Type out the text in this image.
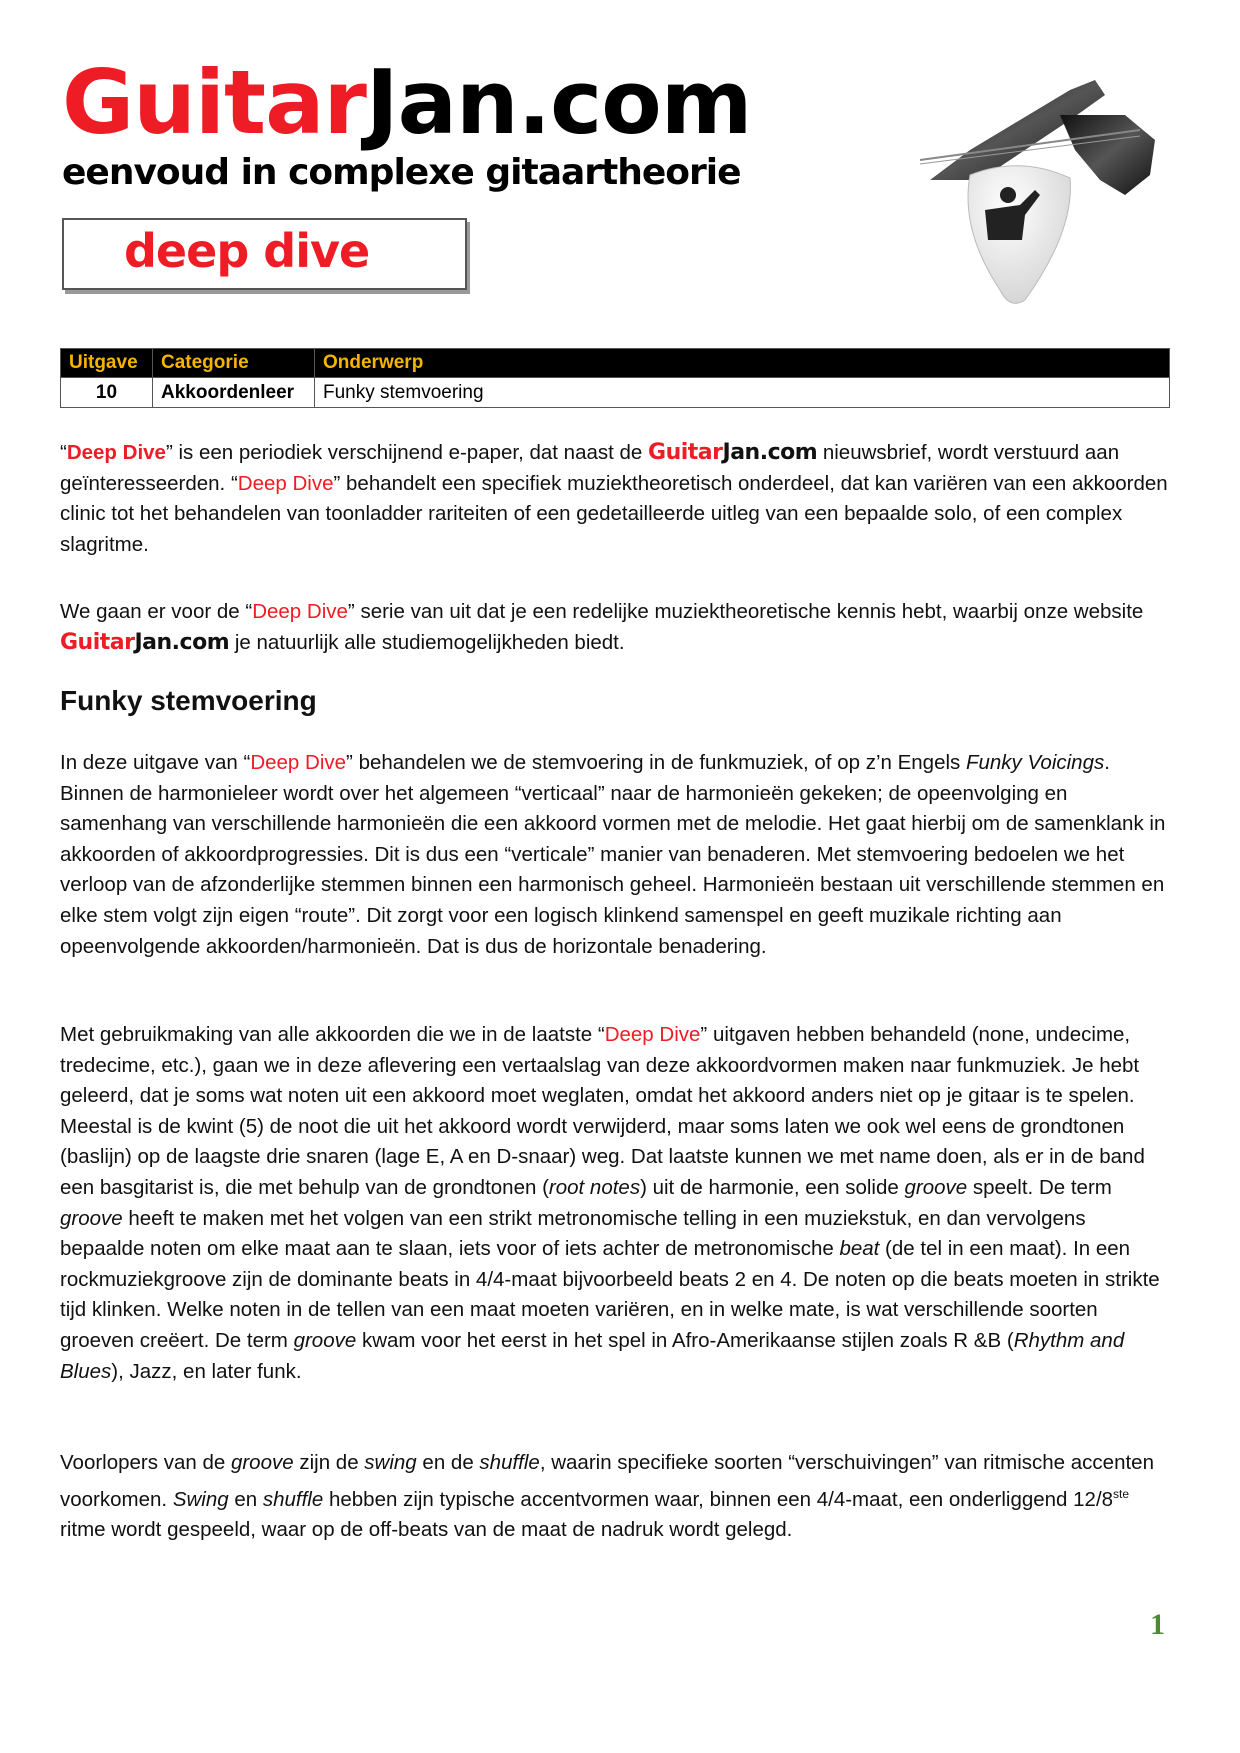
GuitarJan.com
eenvoud in complexe gitaartheorie
deep dive
Uitgave	Categorie	Onderwerp
10	Akkoordenleer	Funky stemvoering
“Deep Dive” is een periodiek verschijnend e-paper, dat naast de GuitarJan.com nieuwsbrief, wordt verstuurd aan geïnteresseerden. “Deep Dive” behandelt een specifiek muziektheoretisch onderdeel, dat kan variëren van een akkoorden clinic tot het behandelen van toonladder rariteiten of een gedetailleerde uitleg van een bepaalde solo, of een complex slagritme.
We gaan er voor de “Deep Dive” serie van uit dat je een redelijke muziektheoretische kennis hebt, waarbij onze website GuitarJan.com je natuurlijk alle studiemogelijkheden biedt.
Funky stemvoering
In deze uitgave van “Deep Dive” behandelen we de stemvoering in de funkmuziek, of op z’n Engels Funky Voicings. Binnen de harmonieleer wordt over het algemeen “verticaal” naar de harmonieën gekeken; de opeenvolging en samenhang van verschillende harmonieën die een akkoord vormen met de melodie. Het gaat hierbij om de samenklank in akkoorden of akkoordprogressies. Dit is dus een “verticale” manier van benaderen. Met stemvoering bedoelen we het verloop van de afzonderlijke stemmen binnen een harmonisch geheel. Harmonieën bestaan uit verschillende stemmen en elke stem volgt zijn eigen “route”. Dit zorgt voor een logisch klinkend samenspel en geeft muzikale richting aan opeenvolgende akkoorden/harmonieën. Dat is dus de horizontale benadering.
Met gebruikmaking van alle akkoorden die we in de laatste “Deep Dive” uitgaven hebben behandeld (none, undecime, tredecime, etc.), gaan we in deze aflevering een vertaalslag van deze akkoordvormen maken naar funkmuziek. Je hebt geleerd, dat je soms wat noten uit een akkoord moet weglaten, omdat het akkoord anders niet op je gitaar is te spelen. Meestal is de kwint (5) de noot die uit het akkoord wordt verwijderd, maar soms laten we ook wel eens de grondtonen (baslijn) op de laagste drie snaren (lage E, A en D-snaar) weg. Dat laatste kunnen we met name doen, als er in de band een basgitarist is, die met behulp van de grondtonen (root notes) uit de harmonie, een solide groove speelt. De term groove heeft te maken met het volgen van een strikt metronomische telling in een muziekstuk, en dan vervolgens bepaalde noten om elke maat aan te slaan, iets voor of iets achter de metronomische beat (de tel in een maat). In een rockmuziekgroove zijn de dominante beats in 4/4-maat bijvoorbeeld beats 2 en 4. De noten op die beats moeten in strikte tijd klinken. Welke noten in de tellen van een maat moeten variëren, en in welke mate, is wat verschillende soorten groeven creëert. De term groove kwam voor het eerst in het spel in Afro-Amerikaanse stijlen zoals R &B (Rhythm and Blues), Jazz, en later funk.
Voorlopers van de groove zijn de swing en de shuffle, waarin specifieke soorten “verschuivingen” van ritmische accenten voorkomen. Swing en shuffle hebben zijn typische accentvormen waar, binnen een 4/4-maat, een onderliggend 12/8ste ritme wordt gespeeld, waar op de off-beats van de maat de nadruk wordt gelegd.
1
